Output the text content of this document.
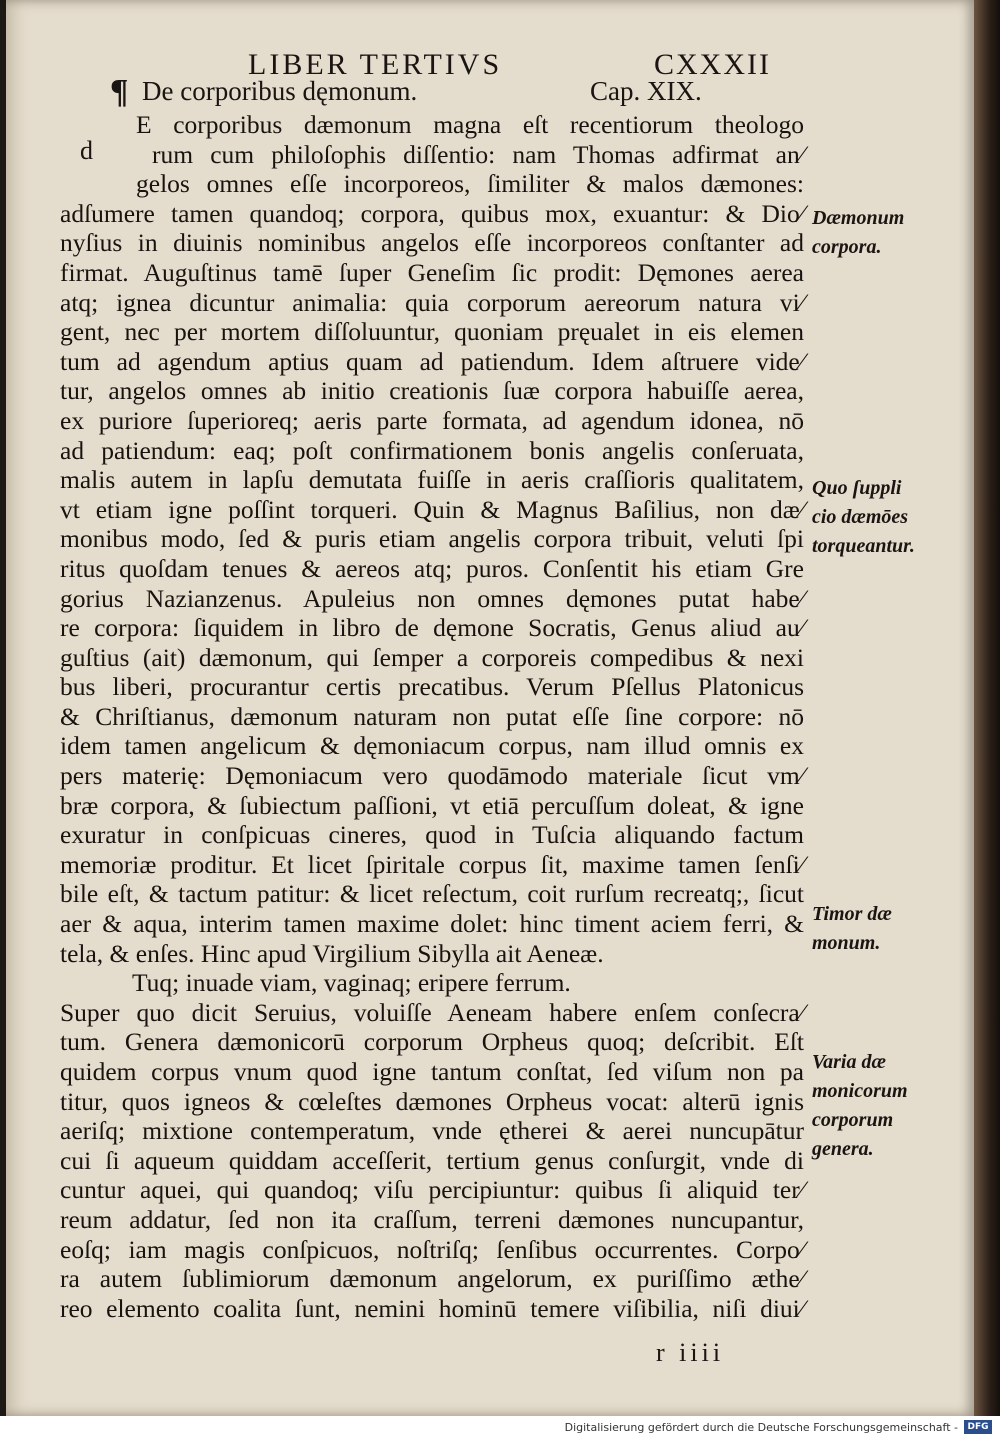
LIBER TERTIVS	CXXXII
¶ De corporibus dęmonum.	Cap. XIX.
d
E corporibus dæmonum magna eſt recentiorum theologo
rum cum philoſophis diſſentio: nam Thomas adfirmat an⁄
gelos omnes eſſe incorporeos, ſimiliter & malos dæmones:
adſumere tamen quandoq; corpora, quibus mox, exuantur: & Dio⁄
nyſius in diuinis nominibus angelos eſſe incorporeos conſtanter ad
firmat. Auguſtinus tamē ſuper Geneſim ſic prodit: Dęmones aerea
atq; ignea dicuntur animalia: quia corporum aereorum natura vi⁄
gent, nec per mortem diſſoluuntur, quoniam pręualet in eis elemen
tum ad agendum aptius quam ad patiendum. Idem aſtruere vide⁄
tur, angelos omnes ab initio creationis ſuæ corpora habuiſſe aerea,
ex puriore ſuperioreq; aeris parte formata, ad agendum idonea, nō
ad patiendum: eaq; poſt confirmationem bonis angelis conſeruata,
malis autem in lapſu demutata fuiſſe in aeris craſſioris qualitatem,
vt etiam igne poſſint torqueri. Quin & Magnus Baſilius, non dæ⁄
monibus modo, ſed & puris etiam angelis corpora tribuit, veluti ſpi
ritus quoſdam tenues & aereos atq; puros. Conſentit his etiam Gre
gorius Nazianzenus. Apuleius non omnes dęmones putat habe⁄
re corpora: ſiquidem in libro de dęmone Socratis, Genus aliud au⁄
guſtius (ait) dæmonum, qui ſemper a corporeis compedibus & nexi
bus liberi, procurantur certis precatibus. Verum Pſellus Platonicus
& Chriſtianus, dæmonum naturam non putat eſſe ſine corpore: nō
idem tamen angelicum & dęmoniacum corpus, nam illud omnis ex
pers materię: Dęmoniacum vero quodāmodo materiale ſicut vm⁄
bræ corpora, & ſubiectum paſſioni, vt etiā percuſſum doleat, & igne
exuratur in conſpicuas cineres, quod in Tuſcia aliquando factum
memoriæ proditur. Et licet ſpiritale corpus ſit, maxime tamen ſenſi⁄
bile eſt, & tactum patitur: & licet reſectum, coit rurſum recreatq;, ſicut
aer & aqua, interim tamen maxime dolet: hinc timent aciem ferri, &
tela, & enſes. Hinc apud Virgilium Sibylla ait Aeneæ.
Tuq; inuade viam, vaginaq; eripere ferrum.
Super quo dicit Seruius, voluiſſe Aeneam habere enſem conſecra⁄
tum. Genera dæmonicorū corporum Orpheus quoq; deſcribit. Eſt
quidem corpus vnum quod igne tantum conſtat, ſed viſum non pa
titur, quos igneos & cœleſtes dæmones Orpheus vocat: alterū ignis
aeriſq; mixtione contemperatum, vnde ętherei & aerei nuncupātur
cui ſi aqueum quiddam acceſſerit, tertium genus conſurgit, vnde di
cuntur aquei, qui quandoq; viſu percipiuntur: quibus ſi aliquid ter⁄
reum addatur, ſed non ita craſſum, terreni dæmones nuncupantur,
eoſq; iam magis conſpicuos, noſtriſq; ſenſibus occurrentes. Corpo⁄
ra autem ſublimiorum dæmonum angelorum, ex puriſſimo æthe⁄
reo elemento coalita ſunt, nemini hominū temere viſibilia, niſi diui⁄
Dæmonum corpora.
Quo ſuppli cio dæmōes torqueantur.
Timor dæ monum.
Varia dæ monicorum corporum genera.
r iiii
Digitalisierung gefördert durch die Deutsche Forschungsgemeinschaft -	DFG
